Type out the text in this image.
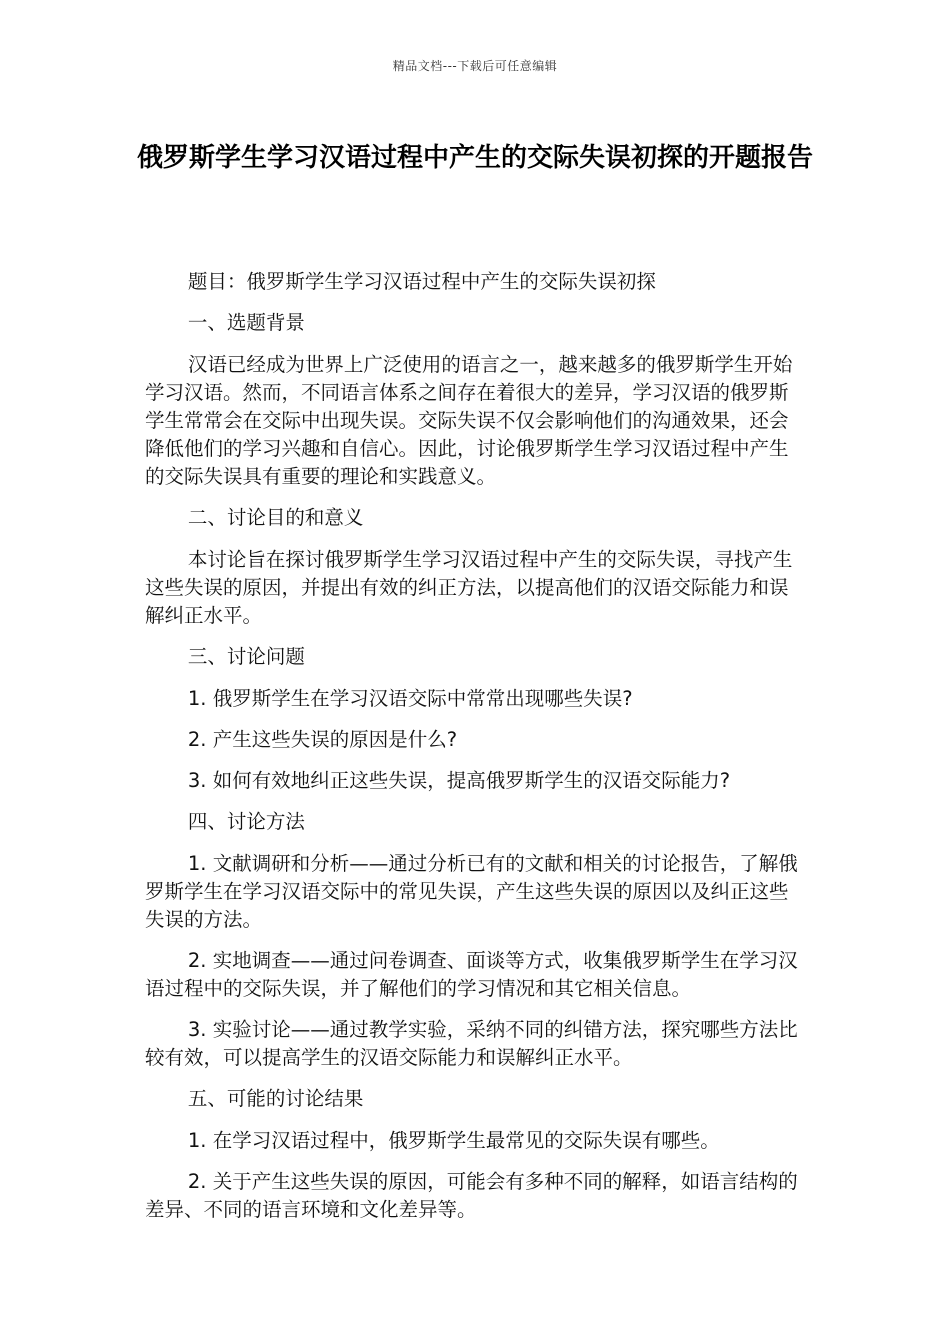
精品文档---下载后可任意编辑
俄罗斯学生学习汉语过程中产生的交际失误初探的开题报告

题目：俄罗斯学生学习汉语过程中产生的交际失误初探

一、选题背景

汉语已经成为世界上广泛使用的语言之一，越来越多的俄罗斯学生开始学习汉语。然而，不同语言体系之间存在着很大的差异，学习汉语的俄罗斯学生常常会在交际中出现失误。交际失误不仅会影响他们的沟通效果，还会降低他们的学习兴趣和自信心。因此，讨论俄罗斯学生学习汉语过程中产生的交际失误具有重要的理论和实践意义。

二、讨论目的和意义

本讨论旨在探讨俄罗斯学生学习汉语过程中产生的交际失误，寻找产生这些失误的原因，并提出有效的纠正方法，以提高他们的汉语交际能力和误解纠正水平。

三、讨论问题

1. 俄罗斯学生在学习汉语交际中常常出现哪些失误?

2. 产生这些失误的原因是什么?

3. 如何有效地纠正这些失误，提高俄罗斯学生的汉语交际能力?

四、讨论方法

1. 文献调研和分析——通过分析已有的文献和相关的讨论报告，了解俄罗斯学生在学习汉语交际中的常见失误，产生这些失误的原因以及纠正这些失误的方法。

2. 实地调查——通过问卷调查、面谈等方式，收集俄罗斯学生在学习汉语过程中的交际失误，并了解他们的学习情况和其它相关信息。

3. 实验讨论——通过教学实验，采纳不同的纠错方法，探究哪些方法比较有效，可以提高学生的汉语交际能力和误解纠正水平。

五、可能的讨论结果

1. 在学习汉语过程中，俄罗斯学生最常见的交际失误有哪些。

2. 关于产生这些失误的原因，可能会有多种不同的解释，如语言结构的差异、不同的语言环境和文化差异等。
